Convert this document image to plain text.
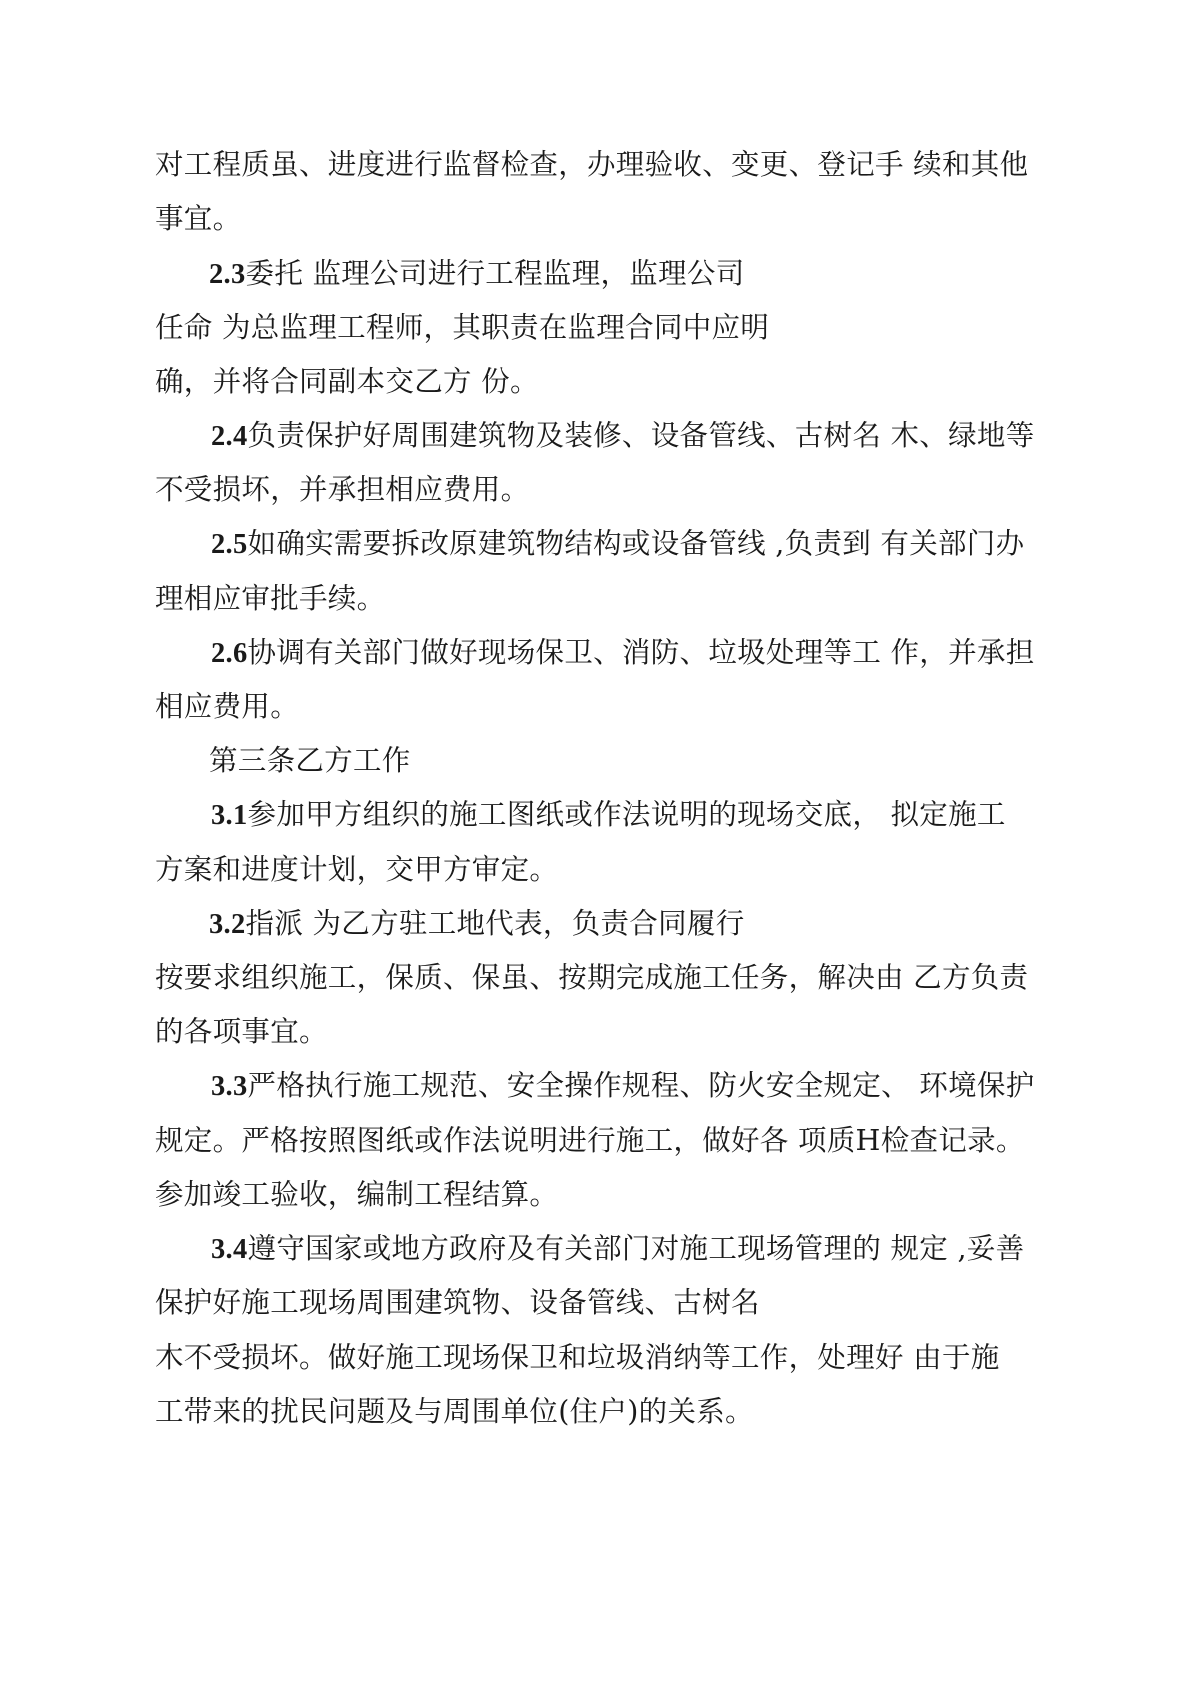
对工程质虽、进度进行监督检查，办理验收、变更、登记手 续和其他
事宜。
2.3委托 监理公司进行工程监理，监理公司
任命 为总监理工程师，其职责在监理合同中应明
确，并将合同副本交乙方 份。
2.4负责保护好周围建筑物及装修、设备管线、古树名 木、绿地等
不受损坏，并承担相应费用。
2.5如确实需要拆改原建筑物结构或设备管线 ,负责到 有关部门办
理相应审批手续。
2.6协调有关部门做好现场保卫、消防、垃圾处理等工 作，并承担
相应费用。
第三条乙方工作
3.1参加甲方组织的施工图纸或作法说明的现场交底， 拟定施工
方案和进度计划，交甲方审定。
3.2指派 为乙方驻工地代表，负责合同履行
按要求组织施工，保质、保虽、按期完成施工任务，解决由 乙方负责
的各项事宜。
3.3严格执行施工规范、安全操作规程、防火安全规定、 环境保护
规定。严格按照图纸或作法说明进行施工，做好各 项质H检查记录。
参加竣工验收，编制工程结算。
3.4遵守国家或地方政府及有关部门对施工现场管理的 规定 ,妥善
保护好施工现场周围建筑物、设备管线、古树名
木不受损坏。做好施工现场保卫和垃圾消纳等工作，处理好 由于施
工带来的扰民问题及与周围单位(住户)的关系。
